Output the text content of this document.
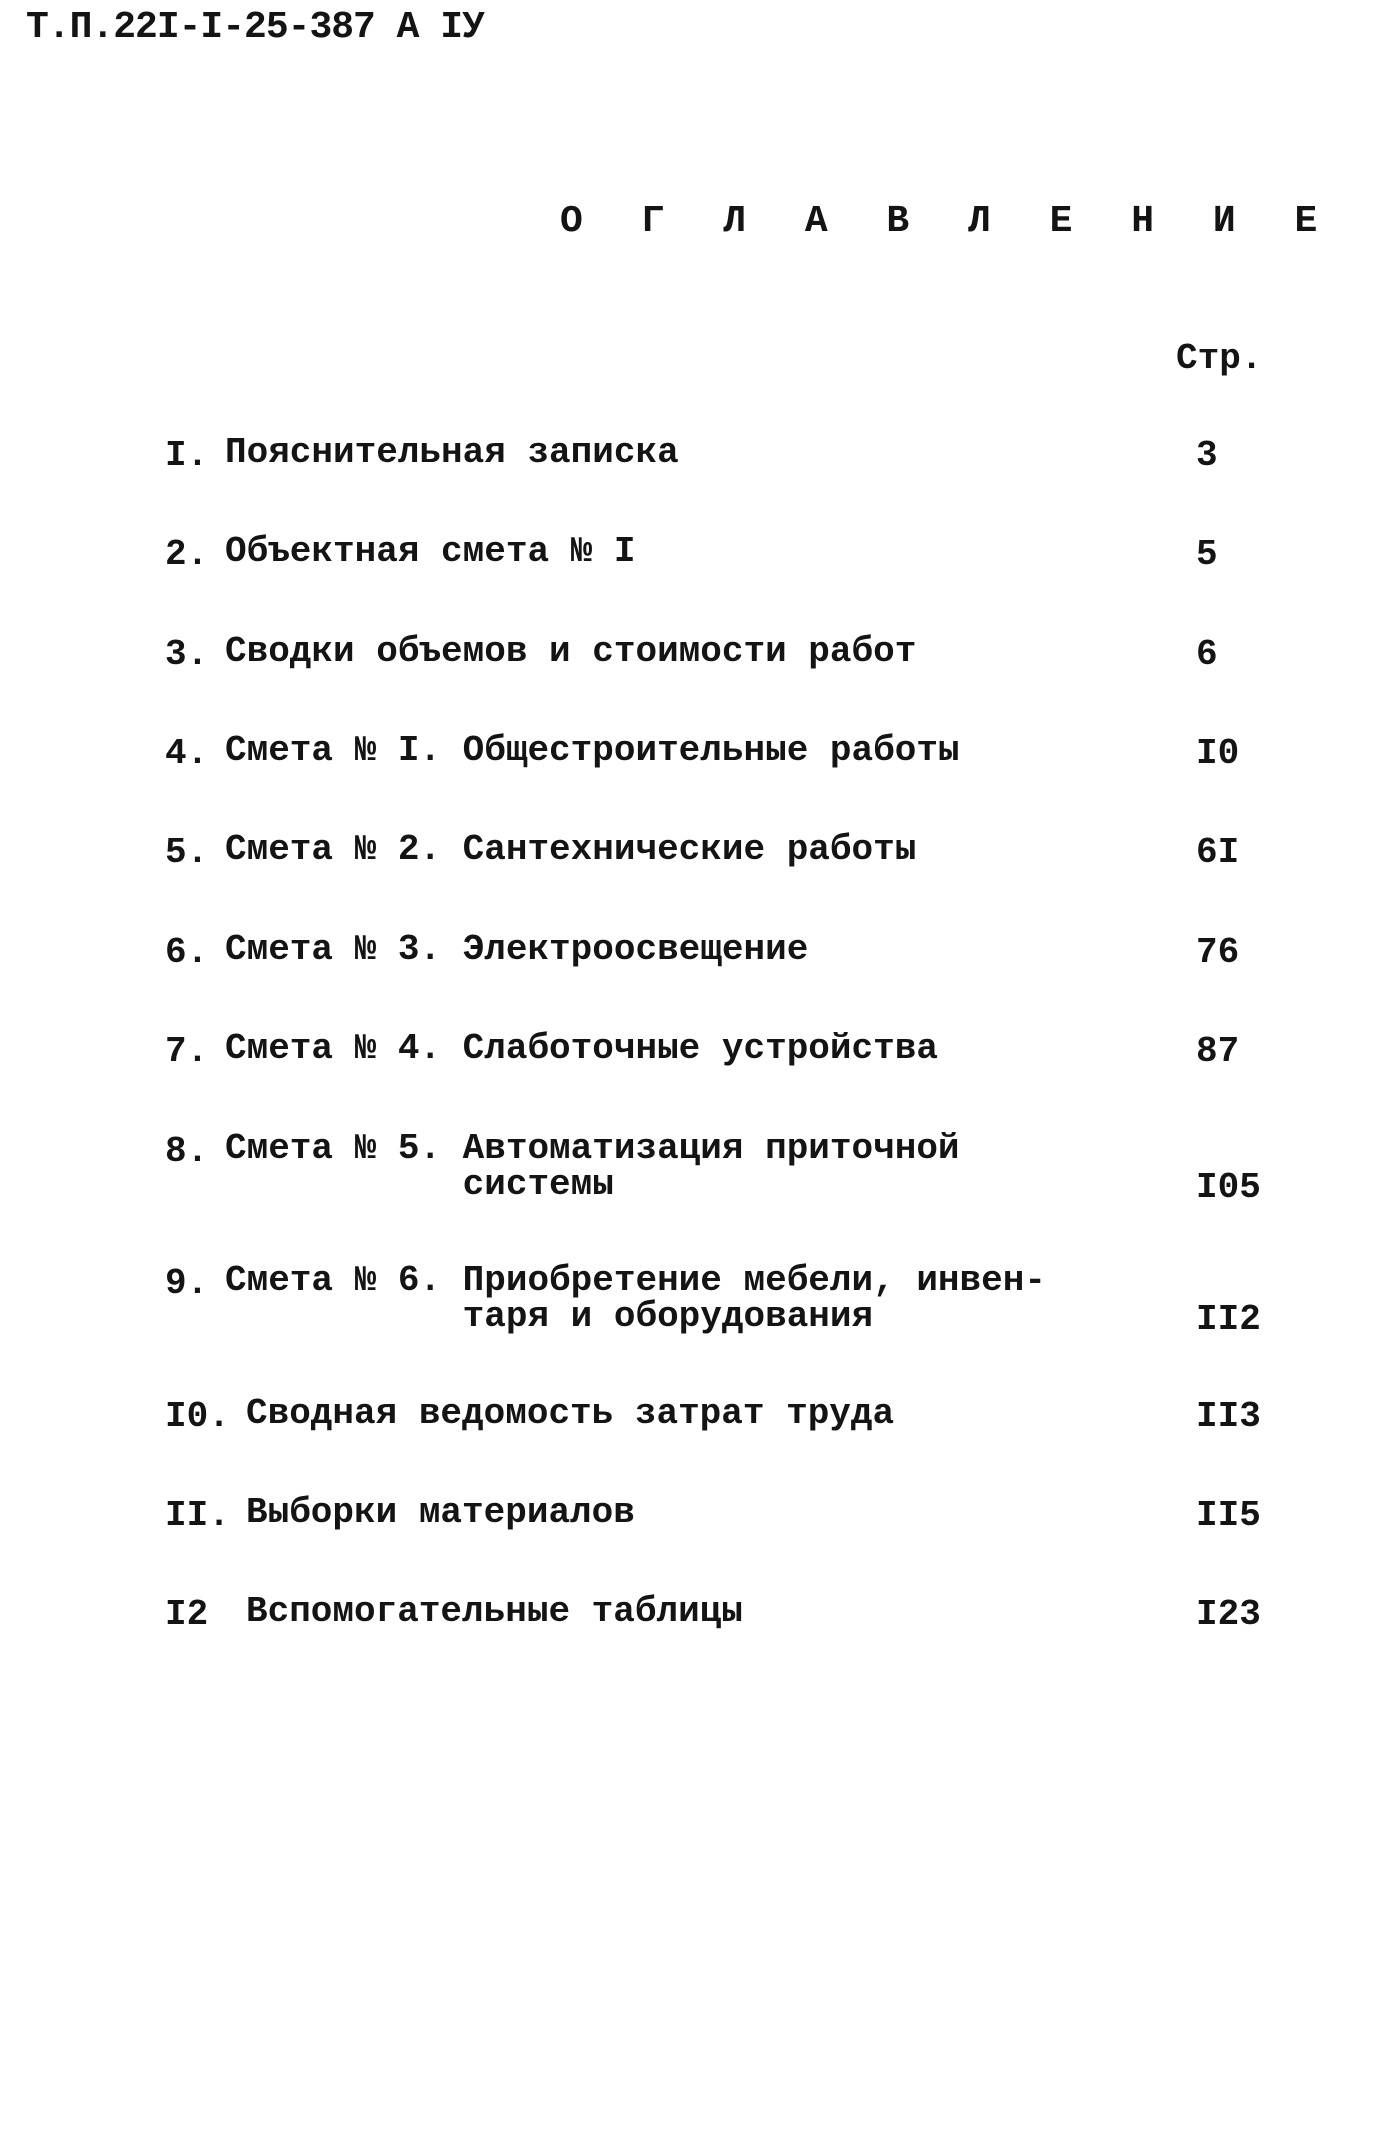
Т.П.22I-I-25-387 А IУ
О Г Л А В Л Е Н И Е
Стр.
I. Пояснительная записка	3
2. Объектная смета № I	5
3. Сводки объемов и стоимости работ	6
4. Смета № I. Общестроительные работы	I0
5. Смета № 2. Сантехнические работы	6I
6. Смета № 3. Электроосвещение	76
7. Смета № 4. Слаботочные устройства	87
8. Смета № 5. Автоматизация приточной
системы	I05
9. Смета № 6. Приобретение мебели, инвен-
таря и оборудования	II2
I0. Сводная ведомость затрат труда	II3
II. Выборки материалов	II5
I2 Вспомогательные таблицы	I23
